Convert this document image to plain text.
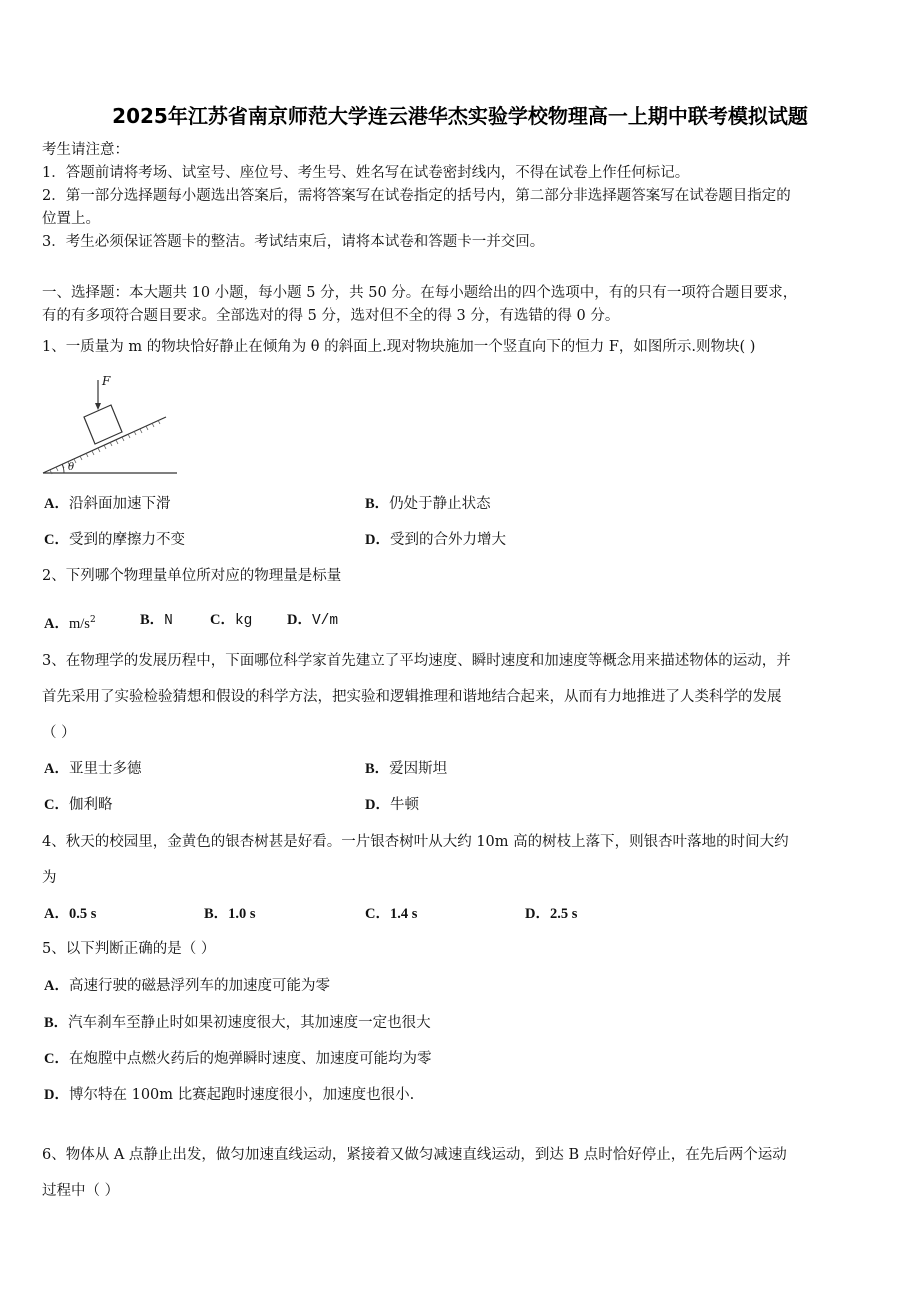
2025年江苏省南京师范大学连云港华杰实验学校物理高一上期中联考模拟试题
考生请注意：
1．答题前请将考场、试室号、座位号、考生号、姓名写在试卷密封线内，不得在试卷上作任何标记。
2．第一部分选择题每小题选出答案后，需将答案写在试卷指定的括号内，第二部分非选择题答案写在试卷题目指定的
位置上。
3．考生必须保证答题卡的整洁。考试结束后，请将本试卷和答题卡一并交回。
一、选择题：本大题共 10 小题，每小题 5 分，共 50 分。在每小题给出的四个选项中，有的只有一项符合题目要求，
有的有多项符合题目要求。全部选对的得 5 分，选对但不全的得 3 分，有选错的得 0 分。
1、一质量为 m 的物块恰好静止在倾角为 θ 的斜面上.现对物块施加一个竖直向下的恒力 F，如图所示.则物块( )
F
θ
A．沿斜面加速下滑	B．仍处于静止状态
C．受到的摩擦力不变	D．受到的合外力增大
2、下列哪个物理量单位所对应的物理量是标量
A．$m/s^2$	B．N	C．kg D．V/m
3、在物理学的发展历程中，下面哪位科学家首先建立了平均速度、瞬时速度和加速度等概念用来描述物体的运动，并
首先采用了实验检验猜想和假设的科学方法，把实验和逻辑推理和谐地结合起来，从而有力地推进了人类科学的发展
（ ）
A．亚里士多德	B．爱因斯坦
C．伽利略	D．牛顿
4、秋天的校园里，金黄色的银杏树甚是好看。一片银杏树叶从大约 10m 高的树枝上落下，则银杏叶落地的时间大约
为
A．0.5 s	B．1.0 s	C．1.4 s	D．2.5 s
5、以下判断正确的是（ ）
A．高速行驶的磁悬浮列车的加速度可能为零
B．汽车刹车至静止时如果初速度很大，其加速度一定也很大
C．在炮膛中点燃火药后的炮弹瞬时速度、加速度可能均为零
D．博尔特在 100m 比赛起跑时速度很小，加速度也很小.
6、物体从 A 点静止出发，做匀加速直线运动，紧接着又做匀减速直线运动，到达 B 点时恰好停止，在先后两个运动
过程中（ ）
